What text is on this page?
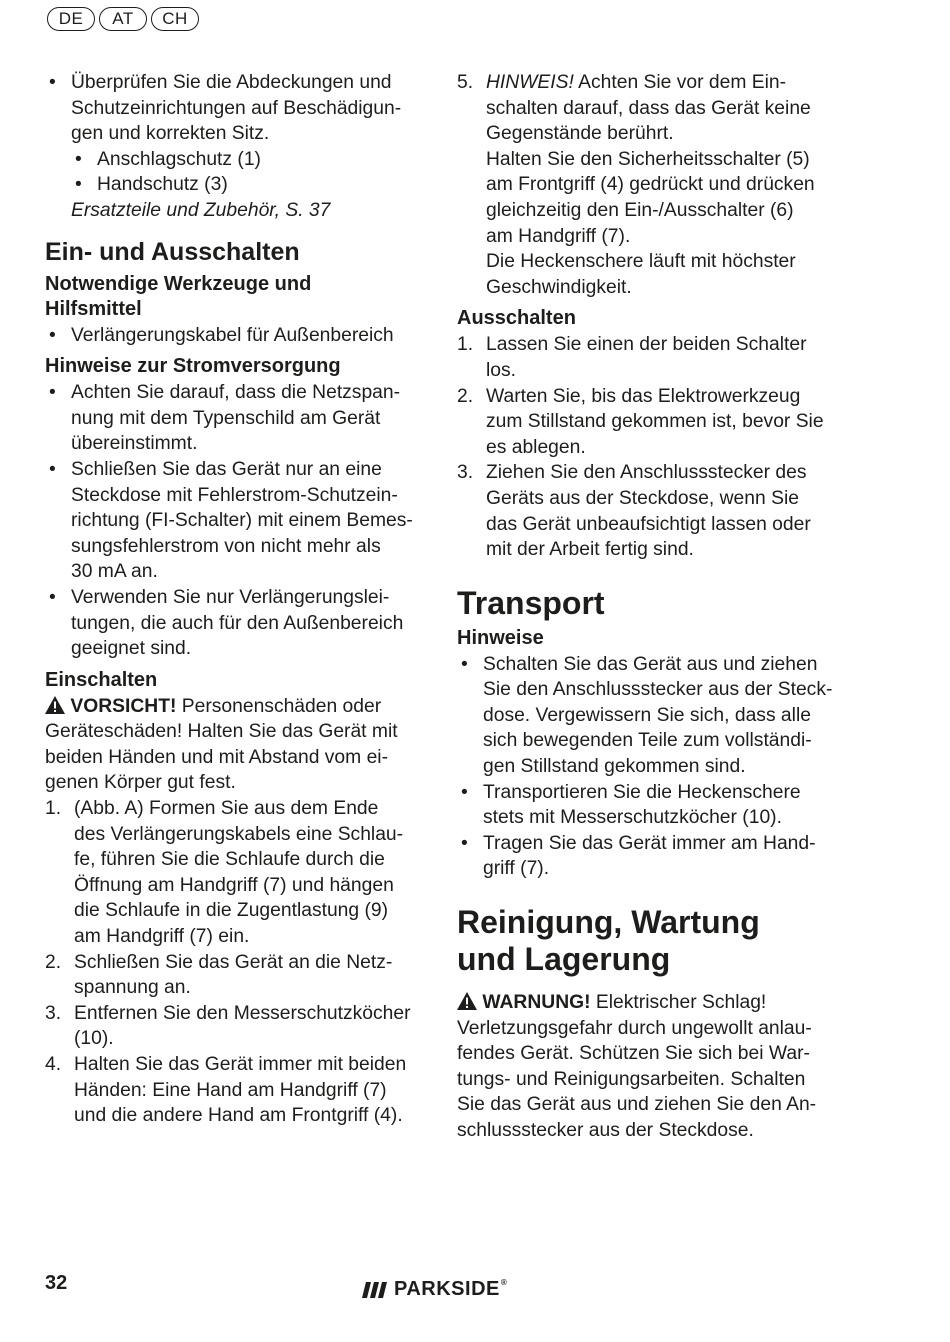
DE	AT	CH
• Überprüfen Sie die Abdeckungen und
Schutzeinrichtungen auf Beschädigun-
gen und korrekten Sitz.
• Anschlagschutz (1)
• Handschutz (3)
Ersatzteile und Zubehör, S. 37
Ein- und Ausschalten
Notwendige Werkzeuge und
Hilfsmittel
• Verlängerungskabel für Außenbereich
Hinweise zur Stromversorgung
• Achten Sie darauf, dass die Netzspan-
nung mit dem Typenschild am Gerät
übereinstimmt.
• Schließen Sie das Gerät nur an eine
Steckdose mit Fehlerstrom-Schutzein-
richtung (FI-Schalter) mit einem Bemes-
sungsfehlerstrom von nicht mehr als
30 mA an.
• Verwenden Sie nur Verlängerungslei-
tungen, die auch für den Außenbereich
geeignet sind.
Einschalten
VORSICHT! Personenschäden oder
Geräteschäden! Halten Sie das Gerät mit
beiden Händen und mit Abstand vom ei-
genen Körper gut fest.
1. (Abb. A) Formen Sie aus dem Ende
des Verlängerungskabels eine Schlau-
fe, führen Sie die Schlaufe durch die
Öffnung am Handgriff (7) und hängen
die Schlaufe in die Zugentlastung (9)
am Handgriff (7) ein.
2. Schließen Sie das Gerät an die Netz-
spannung an.
3. Entfernen Sie den Messerschutzköcher
(10).
4. Halten Sie das Gerät immer mit beiden
Händen: Eine Hand am Handgriff (7)
und die andere Hand am Frontgriff (4).
5. HINWEIS! Achten Sie vor dem Ein-
schalten darauf, dass das Gerät keine
Gegenstände berührt.
Halten Sie den Sicherheitsschalter (5)
am Frontgriff (4) gedrückt und drücken
gleichzeitig den Ein-/Ausschalter (6)
am Handgriff (7).
Die Heckenschere läuft mit höchster
Geschwindigkeit.
Ausschalten
1. Lassen Sie einen der beiden Schalter
los.
2. Warten Sie, bis das Elektrowerkzeug
zum Stillstand gekommen ist, bevor Sie
es ablegen.
3. Ziehen Sie den Anschlussstecker des
Geräts aus der Steckdose, wenn Sie
das Gerät unbeaufsichtigt lassen oder
mit der Arbeit fertig sind.
Transport
Hinweise
• Schalten Sie das Gerät aus und ziehen
Sie den Anschlussstecker aus der Steck-
dose. Vergewissern Sie sich, dass alle
sich bewegenden Teile zum vollständi-
gen Stillstand gekommen sind.
• Transportieren Sie die Heckenschere
stets mit Messerschutzköcher (10).
• Tragen Sie das Gerät immer am Hand-
griff (7).
Reinigung, Wartung
und Lagerung
WARNUNG! Elektrischer Schlag!
Verletzungsgefahr durch ungewollt anlau-
fendes Gerät. Schützen Sie sich bei War-
tungs- und Reinigungsarbeiten. Schalten
Sie das Gerät aus und ziehen Sie den An-
schlussstecker aus der Steckdose.
32	PARKSIDE®
